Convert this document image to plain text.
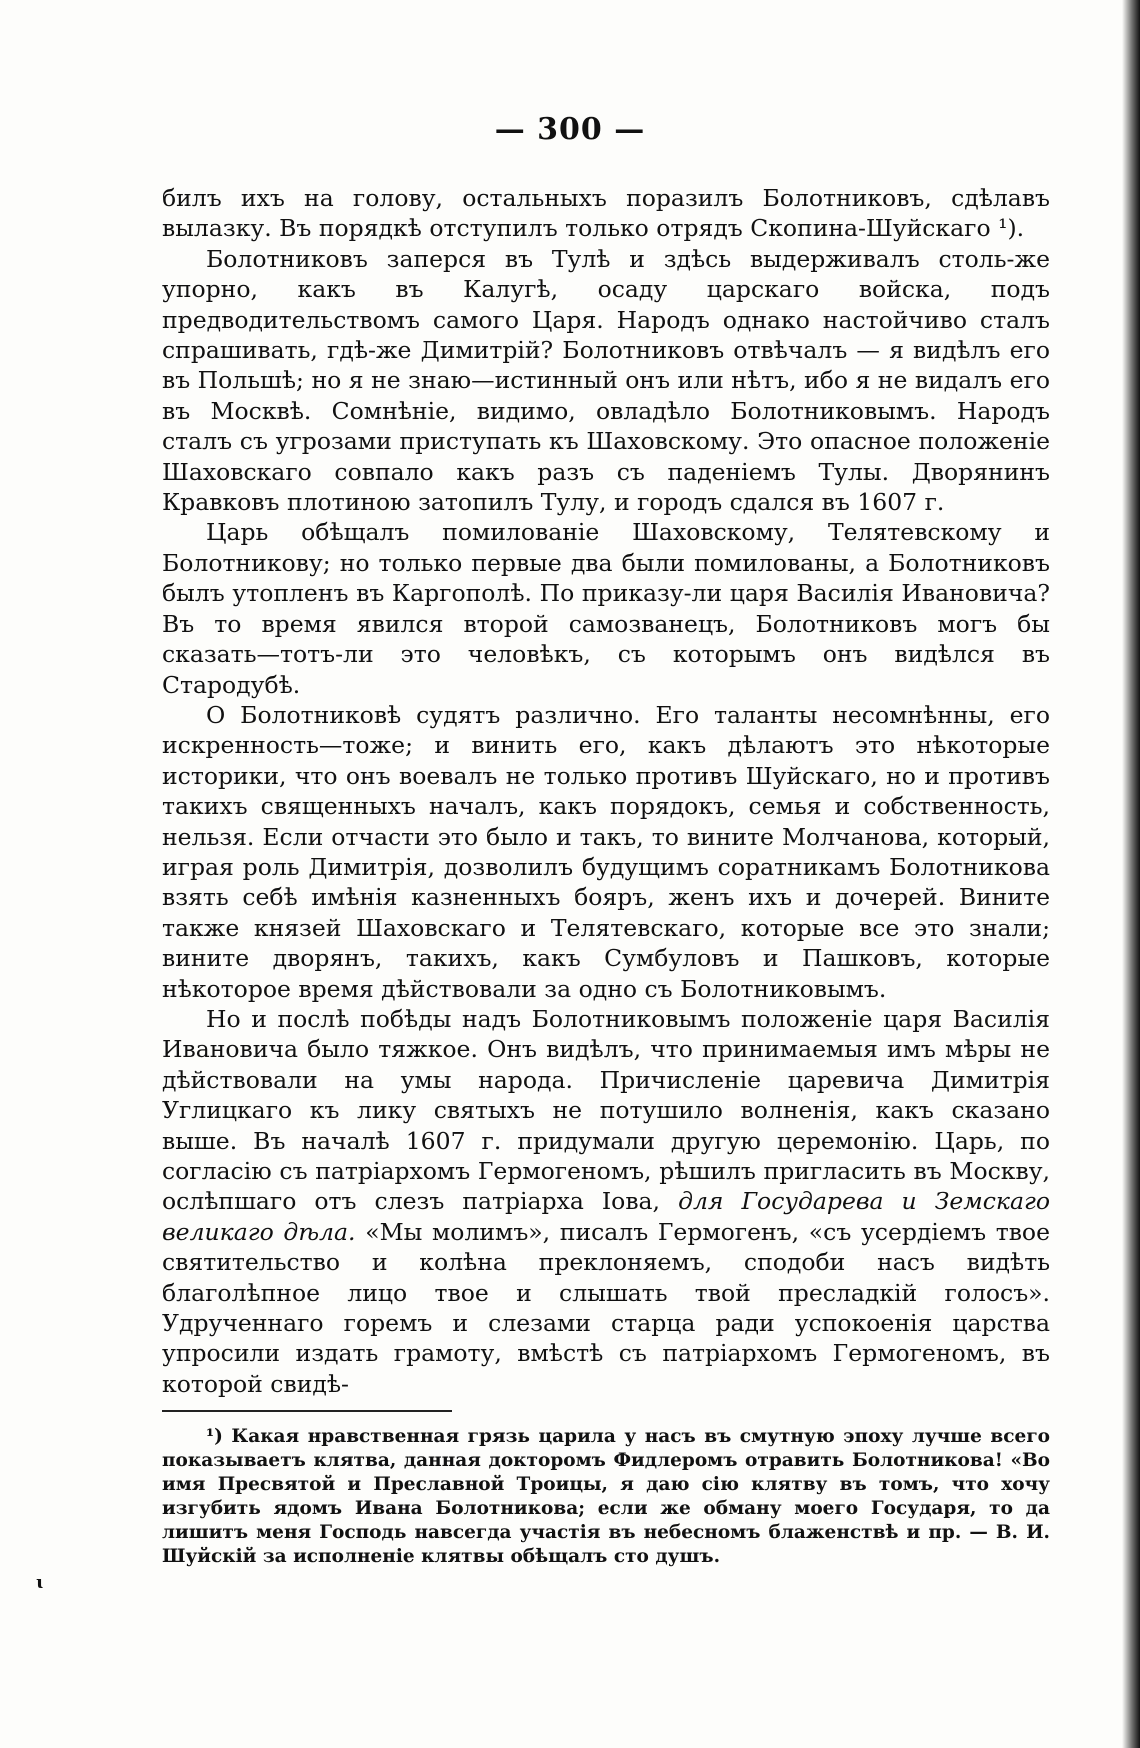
— 300 —

билъ ихъ на голову, остальныхъ поразилъ Болотниковъ, сдѣлавъ вылазку. Въ порядкѣ отступилъ только отрядъ Скопина-Шуйскаго ¹).

Болотниковъ заперся въ Тулѣ и здѣсь выдерживалъ столь-же упорно, какъ въ Калугѣ, осаду царскаго войска, подъ предводительствомъ самого Царя. Народъ однако настойчиво сталъ спрашивать, гдѣ-же Димитрій? Болотниковъ отвѣчалъ — я видѣлъ его въ Польшѣ; но я не знаю—истинный онъ или нѣтъ, ибо я не видалъ его въ Москвѣ. Сомнѣніе, видимо, овладѣло Болотниковымъ. Народъ сталъ съ угрозами приступать къ Шаховскому. Это опасное положеніе Шаховскаго совпало какъ разъ съ паденіемъ Тулы. Дворянинъ Кравковъ плотиною затопилъ Тулу, и городъ сдался въ 1607 г.

Царь обѣщалъ помилованіе Шаховскому, Телятевскому и Болотникову; но только первые два были помилованы, а Болотниковъ былъ утопленъ въ Каргополѣ. По приказу-ли царя Василія Ивановича? Въ то время явился второй самозванецъ, Болотниковъ могъ бы сказать—тотъ-ли это человѣкъ, съ которымъ онъ видѣлся въ Стародубѣ.

О Болотниковѣ судятъ различно. Его таланты несомнѣнны, его искренность—тоже; и винить его, какъ дѣлаютъ это нѣкоторые историки, что онъ воевалъ не только противъ Шуйскаго, но и противъ такихъ священныхъ началъ, какъ порядокъ, семья и собственность, нельзя. Если отчасти это было и такъ, то вините Молчанова, который, играя роль Димитрія, дозволилъ будущимъ соратникамъ Болотникова взять себѣ имѣнія казненныхъ бояръ, женъ ихъ и дочерей. Вините также князей Шаховскаго и Телятевскаго, которые все это знали; вините дворянъ, такихъ, какъ Сумбуловъ и Пашковъ, которые нѣкоторое время дѣйствовали за одно съ Болотниковымъ.

Но и послѣ побѣды надъ Болотниковымъ положеніе царя Василія Ивановича было тяжкое. Онъ видѣлъ, что принимаемыя имъ мѣры не дѣйствовали на умы народа. Причисленіе царевича Димитрія Углицкаго къ лику святыхъ не потушило волненія, какъ сказано выше. Въ началѣ 1607 г. придумали другую церемонію. Царь, по согласію съ патріархомъ Гермогеномъ, рѣшилъ пригласить въ Москву, ослѣпшаго отъ слезъ патріарха Іова, для Государева и Земскаго великаго дѣла. «Мы молимъ», писалъ Гермогенъ, «съ усердіемъ твое святительство и колѣна преклоняемъ, сподоби насъ видѣть благолѣпное лицо твое и слышать твой пресладкій голосъ». Удрученнаго горемъ и слезами старца ради успокоенія царства упросили издать грамоту, вмѣстѣ съ патріархомъ Гермогеномъ, въ которой свидѣ-

¹) Какая нравственная грязь царила у насъ въ смутную эпоху лучше всего показываетъ клятва, данная докторомъ Фидлеромъ отравить Болотникова! «Во имя Пресвятой и Преславной Троицы, я даю сію клятву въ томъ, что хочу изгубить ядомъ Ивана Болотникова; если же обману моего Государя, то да лишитъ меня Господь навсегда участія въ небесномъ блаженствѣ и пр. — В. И. Шуйскій за исполненіе клятвы обѣщалъ сто душъ.
ɩ
